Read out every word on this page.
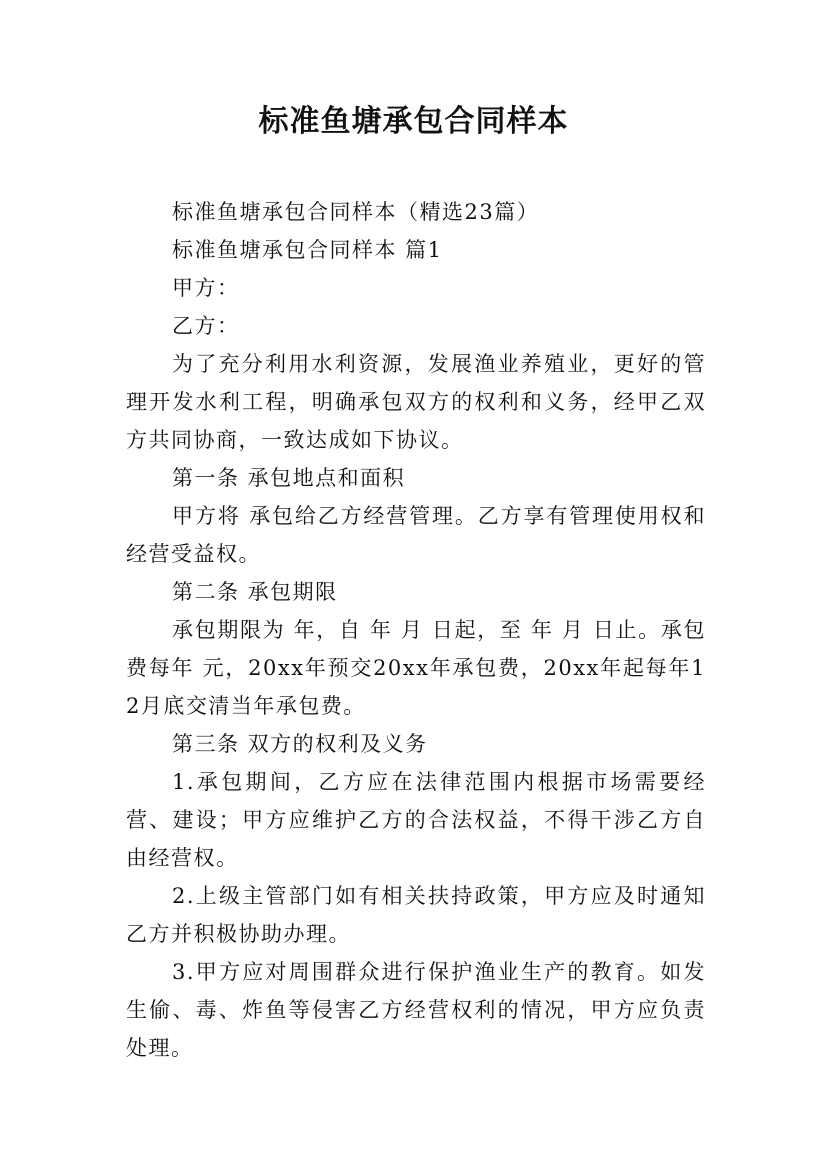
标准鱼塘承包合同样本

标准鱼塘承包合同样本（精选23篇）

标准鱼塘承包合同样本 篇1

甲方：

乙方：

为了充分利用水利资源，发展渔业养殖业，更好的管理开发水利工程，明确承包双方的权利和义务，经甲乙双方共同协商，一致达成如下协议。

第一条 承包地点和面积

甲方将 承包给乙方经营管理。乙方享有管理使用权和经营受益权。

第二条 承包期限

承包期限为 年，自 年 月 日起，至 年 月 日止。承包费每年 元，20xx年预交20xx年承包费，20xx年起每年12月底交清当年承包费。

第三条 双方的权利及义务

1.承包期间，乙方应在法律范围内根据市场需要经营、建设；甲方应维护乙方的合法权益，不得干涉乙方自由经营权。

2.上级主管部门如有相关扶持政策，甲方应及时通知乙方并积极协助办理。

3.甲方应对周围群众进行保护渔业生产的教育。如发生偷、毒、炸鱼等侵害乙方经营权利的情况，甲方应负责处理。
